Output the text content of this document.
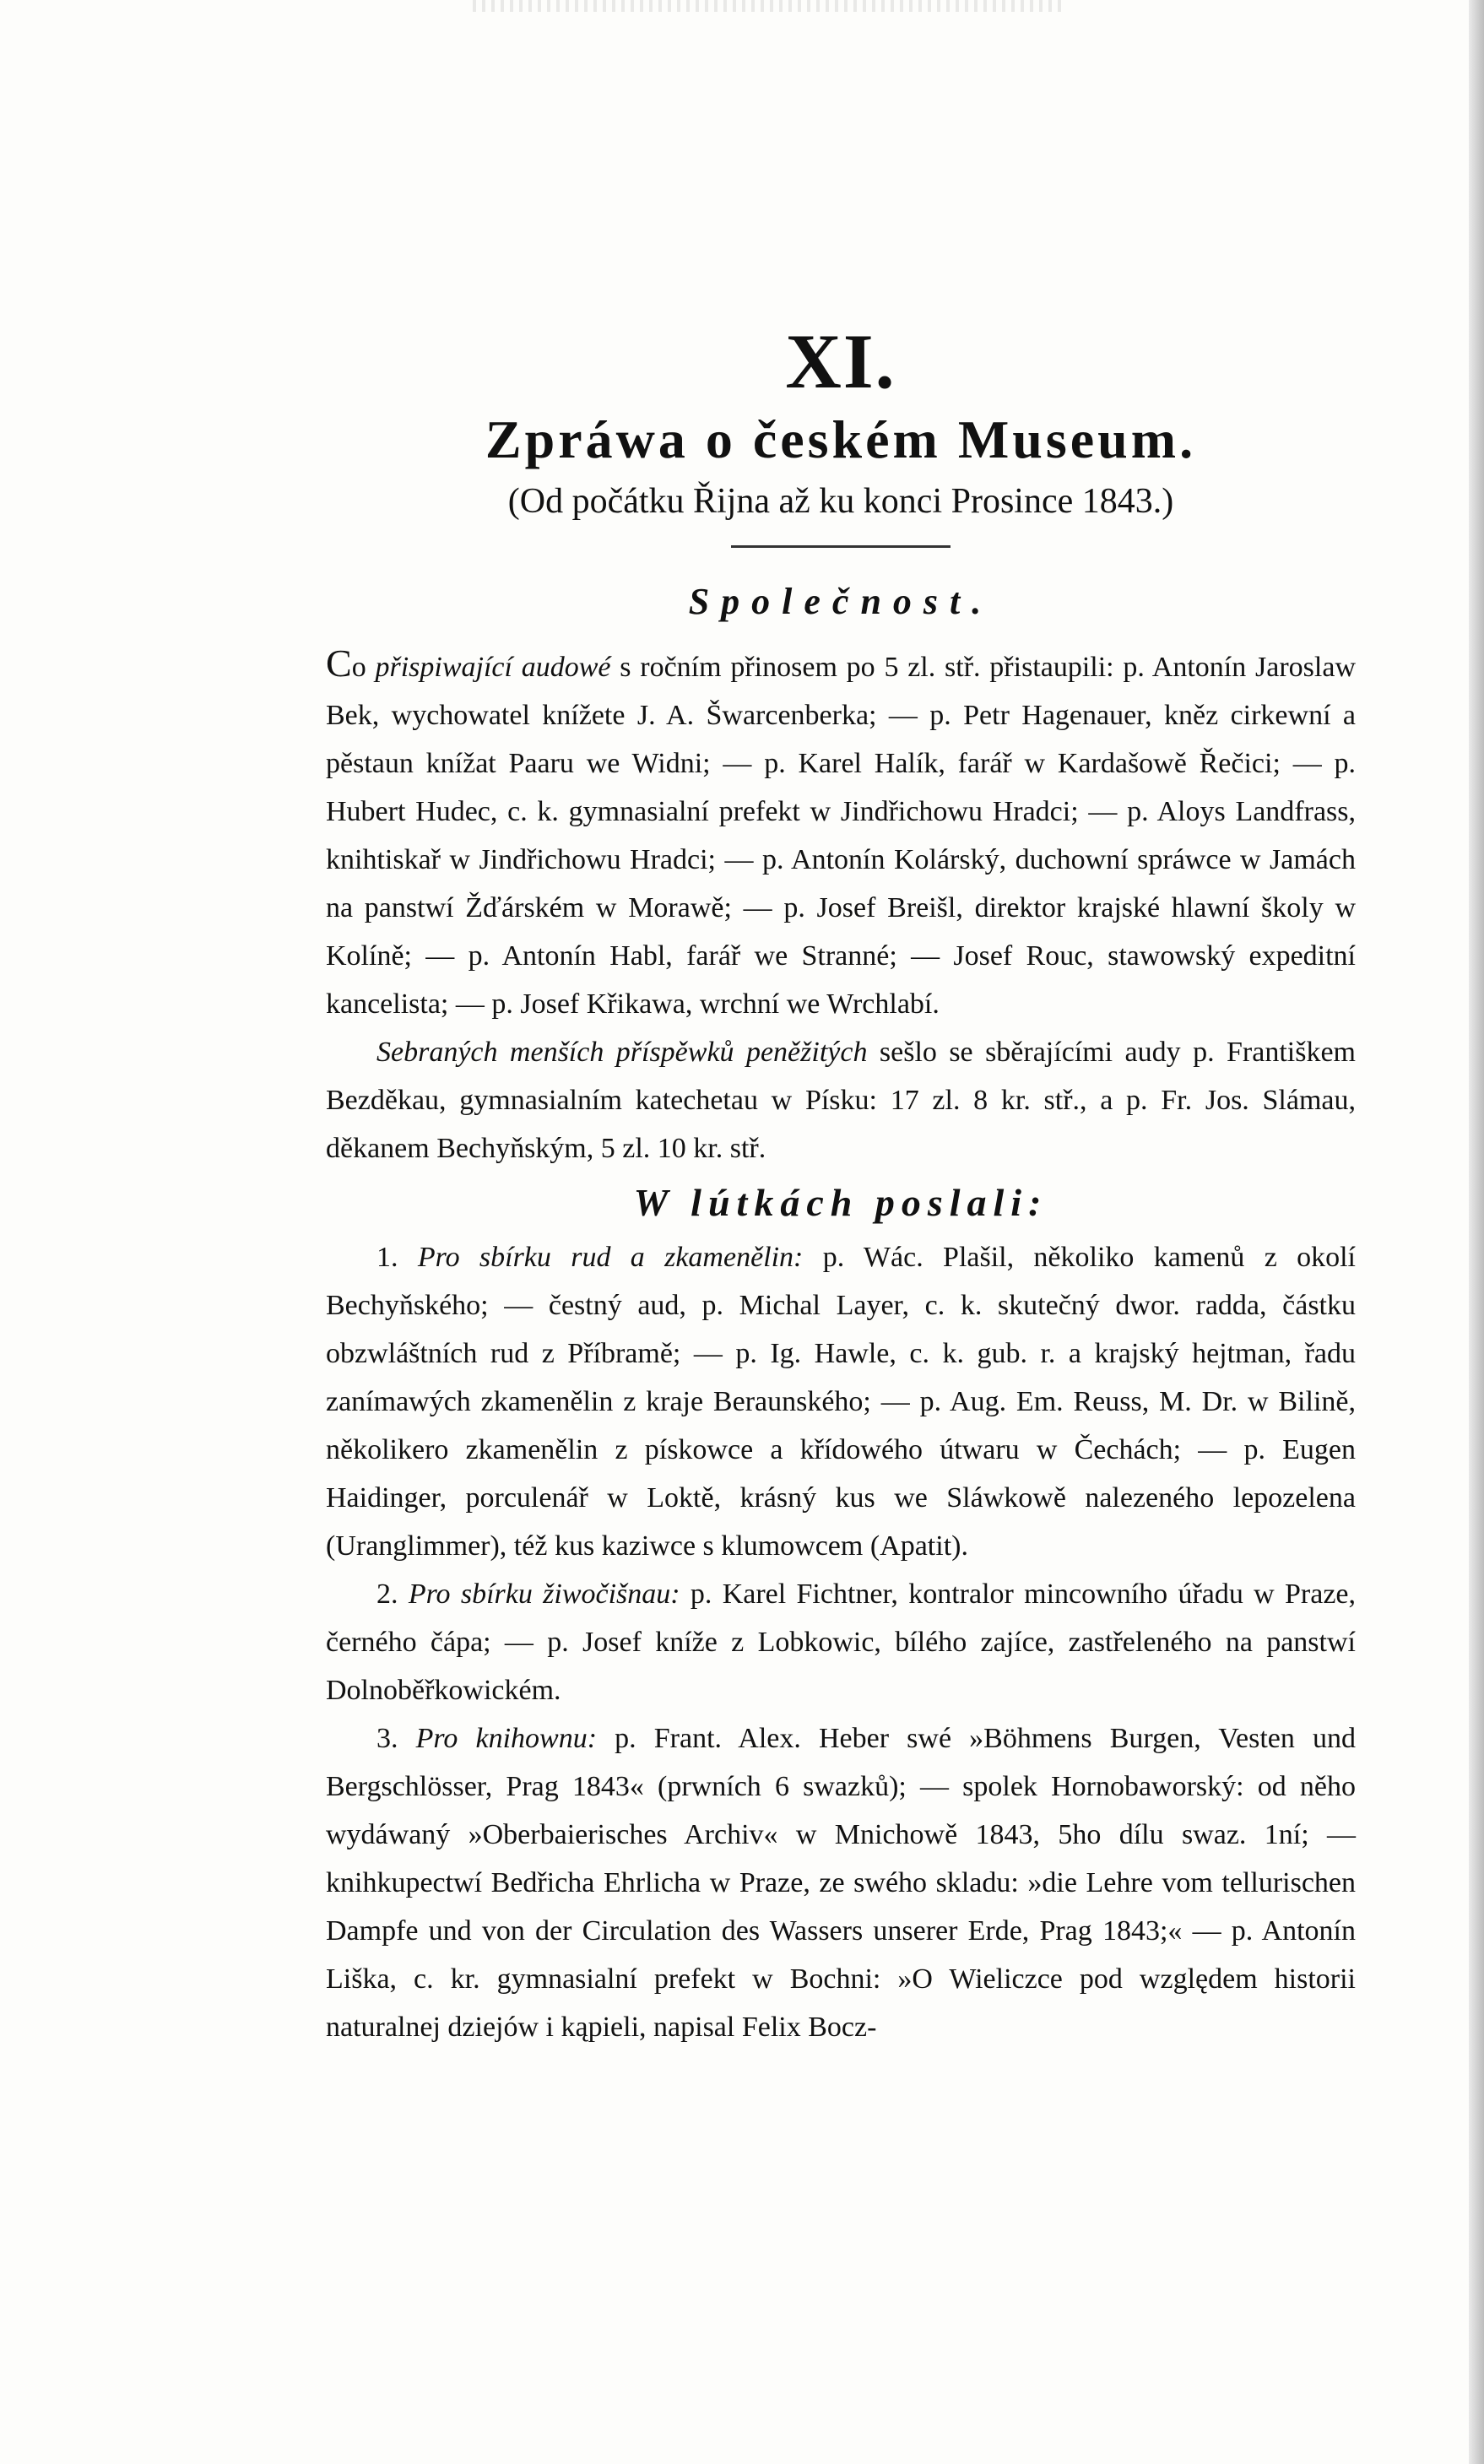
XI.
Zpráwa o českém Museum.

(Od počátku Řijna až ku konci Prosince 1843.)

Společnost.

Co přispiwající audowé s ročním přinosem po 5 zl. stř. přistaupili: p. Antonín Jaroslaw Bek, wychowatel knížete J. A. Šwarcenberka; — p. Petr Hagenauer, kněz cirkewní a pěstaun knížat Paaru we Widni; — p. Karel Halík, farář w Kardašowě Řečici; — p. Hubert Hudec, c. k. gymnasialní prefekt w Jindřichowu Hradci; — p. Aloys Landfrass, knihtiskař w Jindřichowu Hradci; — p. Antonín Kolárský, duchowní spráwce w Jamách na panstwí Žďárském w Morawě; — p. Josef Breišl, direktor krajské hlawní školy w Kolíně; — p. Antonín Habl, farář we Stranné; — Josef Rouc, stawowský expeditní kancelista; — p. Josef Křikawa, wrchní we Wrchlabí.

Sebraných menších příspěwků peněžitých sešlo se sběrajícími audy p. Františkem Bezděkau, gymnasialním katechetau w Písku: 17 zl. 8 kr. stř., a p. Fr. Jos. Slámau, děkanem Bechyňským, 5 zl. 10 kr. stř.

W lútkách poslali:

1. Pro sbírku rud a zkamenělin: p. Wác. Plašil, několiko kamenů z okolí Bechyňského; — čestný aud, p. Michal Layer, c. k. skutečný dwor. radda, částku obzwláštních rud z Příbramě; — p. Ig. Hawle, c. k. gub. r. a krajský hejtman, řadu zanímawých zkamenělin z kraje Beraunského; — p. Aug. Em. Reuss, M. Dr. w Bilině, několikero zkamenělin z pískowce a křídowého útwaru w Čechách; — p. Eugen Haidinger, porculenář w Loktě, krásný kus we Sláwkowě nalezeného lepozelena (Uranglimmer), též kus kaziwce s klumowcem (Apatit).

2. Pro sbírku žiwočišnau: p. Karel Fichtner, kontralor mincowního úřadu w Praze, černého čápa; — p. Josef kníže z Lobkowic, bílého zajíce, zastřeleného na panstwí Dolnoběřkowickém.

3. Pro knihownu: p. Frant. Alex. Heber swé »Böhmens Burgen, Vesten und Bergschlösser, Prag 1843« (prwních 6 swazků); — spolek Hornobaworský: od něho wydáwaný »Oberbaierisches Archiv« w Mnichowě 1843, 5ho dílu swaz. 1ní; — knihkupectwí Bedřicha Ehrlicha w Praze, ze swého skladu: »die Lehre vom tellurischen Dampfe und von der Circulation des Wassers unserer Erde, Prag 1843;« — p. Antonín Liška, c. kr. gymnasialní prefekt w Bochni: »O Wieliczce pod względem historii naturalnej dziejów i kąpieli, napisal Felix Bocz-
